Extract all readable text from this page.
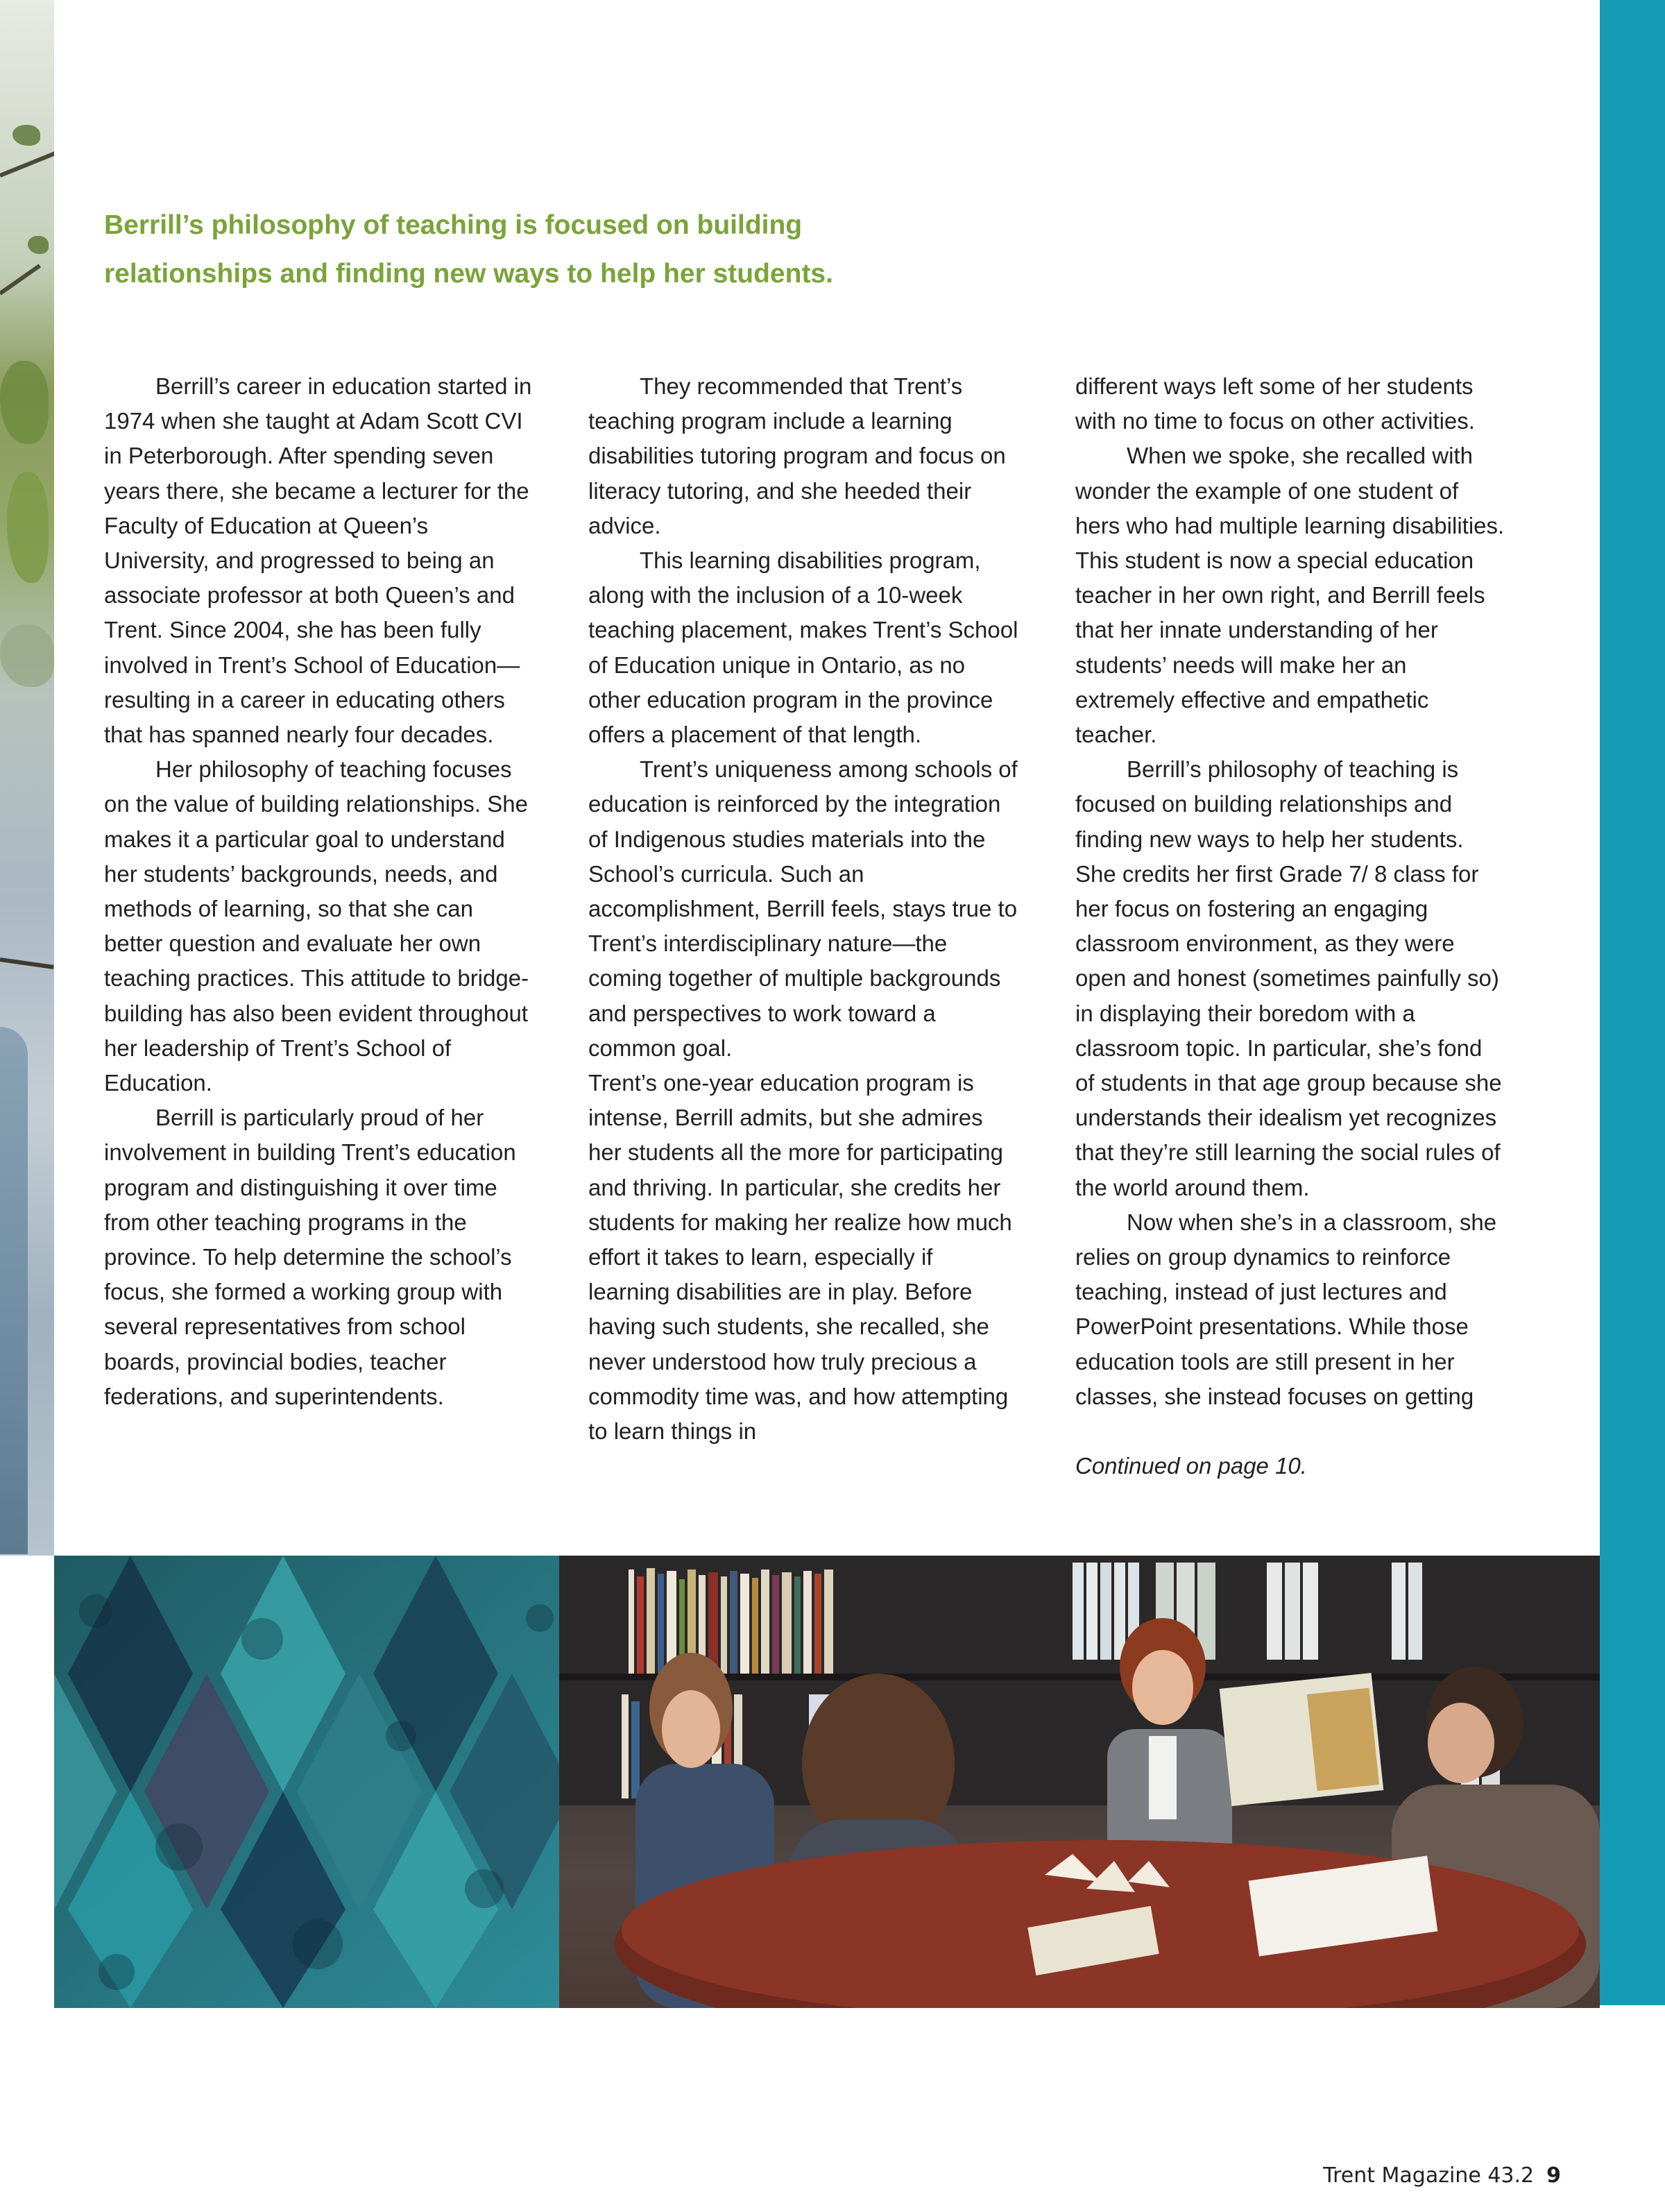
Berrill’s philosophy of teaching is focused on building
relationships and finding new ways to help her students.

Berrill’s career in education started in 1974 when she taught at Adam Scott CVI in Peterborough. After spending seven years there, she became a lecturer for the Faculty of Education at Queen’s University, and progressed to being an associate professor at both Queen’s and Trent. Since 2004, she has been fully involved in Trent’s School of Education—resulting in a career in educating others that has spanned nearly four decades.

Her philosophy of teaching focuses on the value of building relationships. She makes it a particular goal to understand her students’ backgrounds, needs, and methods of learning, so that she can better question and evaluate her own teaching practices. This attitude to bridge-building has also been evident throughout her leadership of Trent’s School of Education.

Berrill is particularly proud of her involvement in building Trent’s education program and distinguishing it over time from other teaching programs in the province. To help determine the school’s focus, she formed a working group with several representatives from school boards, provincial bodies, teacher federations, and superintendents.

They recommended that Trent’s teaching program include a learning disabilities tutoring program and focus on literacy tutoring, and she heeded their advice.

This learning disabilities program, along with the inclusion of a 10-week teaching placement, makes Trent’s School of Education unique in Ontario, as no other education program in the province offers a placement of that length.

Trent’s uniqueness among schools of education is reinforced by the integration of Indigenous studies materials into the School’s curricula. Such an accomplishment, Berrill feels, stays true to Trent’s interdisciplinary nature—the coming together of multiple backgrounds and perspectives to work toward a common goal.

Trent’s one-year education program is intense, Berrill admits, but she admires her students all the more for participating and thriving. In particular, she credits her students for making her realize how much effort it takes to learn, especially if learning disabilities are in play. Before having such students, she recalled, she never understood how truly precious a commodity time was, and how attempting to learn things in

different ways left some of her students with no time to focus on other activities.

When we spoke, she recalled with wonder the example of one student of hers who had multiple learning disabilities. This student is now a special education teacher in her own right, and Berrill feels that her innate understanding of her students’ needs will make her an extremely effective and empathetic teacher.

Berrill’s philosophy of teaching is focused on building relationships and finding new ways to help her students. She credits her first Grade 7/ 8 class for her focus on fostering an engaging classroom environment, as they were open and honest (sometimes painfully so) in displaying their boredom with a classroom topic. In particular, she’s fond of students in that age group because she understands their idealism yet recognizes that they’re still learning the social rules of the world around them.

Now when she’s in a classroom, she relies on group dynamics to reinforce teaching, instead of just lectures and PowerPoint presentations. While those education tools are still present in her classes, she instead focuses on getting

Continued on page 10.

Trent Magazine 43.2 9
